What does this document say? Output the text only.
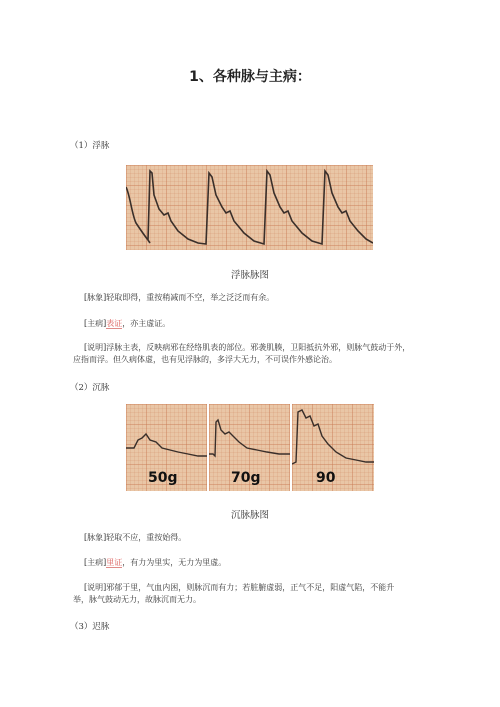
1、各种脉与主病：
（1）浮脉
浮脉脉图
[脉象]轻取即得，重按稍减而不空，举之泛泛而有余。
[主病]表证，亦主虚证。
[说明]浮脉主表，反映病邪在经络肌表的部位。邪袭肌腠，卫阳抵抗外邪，则脉气鼓动于外，
应指而浮。但久病体虚，也有见浮脉的，多浮大无力，不可误作外感论治。
（2）沉脉
50g	70g	90
沉脉脉图
[脉象]轻取不应，重按始得。
[主病]里证，有力为里实，无力为里虚。
[说明]邪郁于里，气血内困，则脉沉而有力；若脏腑虚弱，正气不足，阳虚气陷，不能升
举，脉气鼓动无力，故脉沉而无力。
（3）迟脉
